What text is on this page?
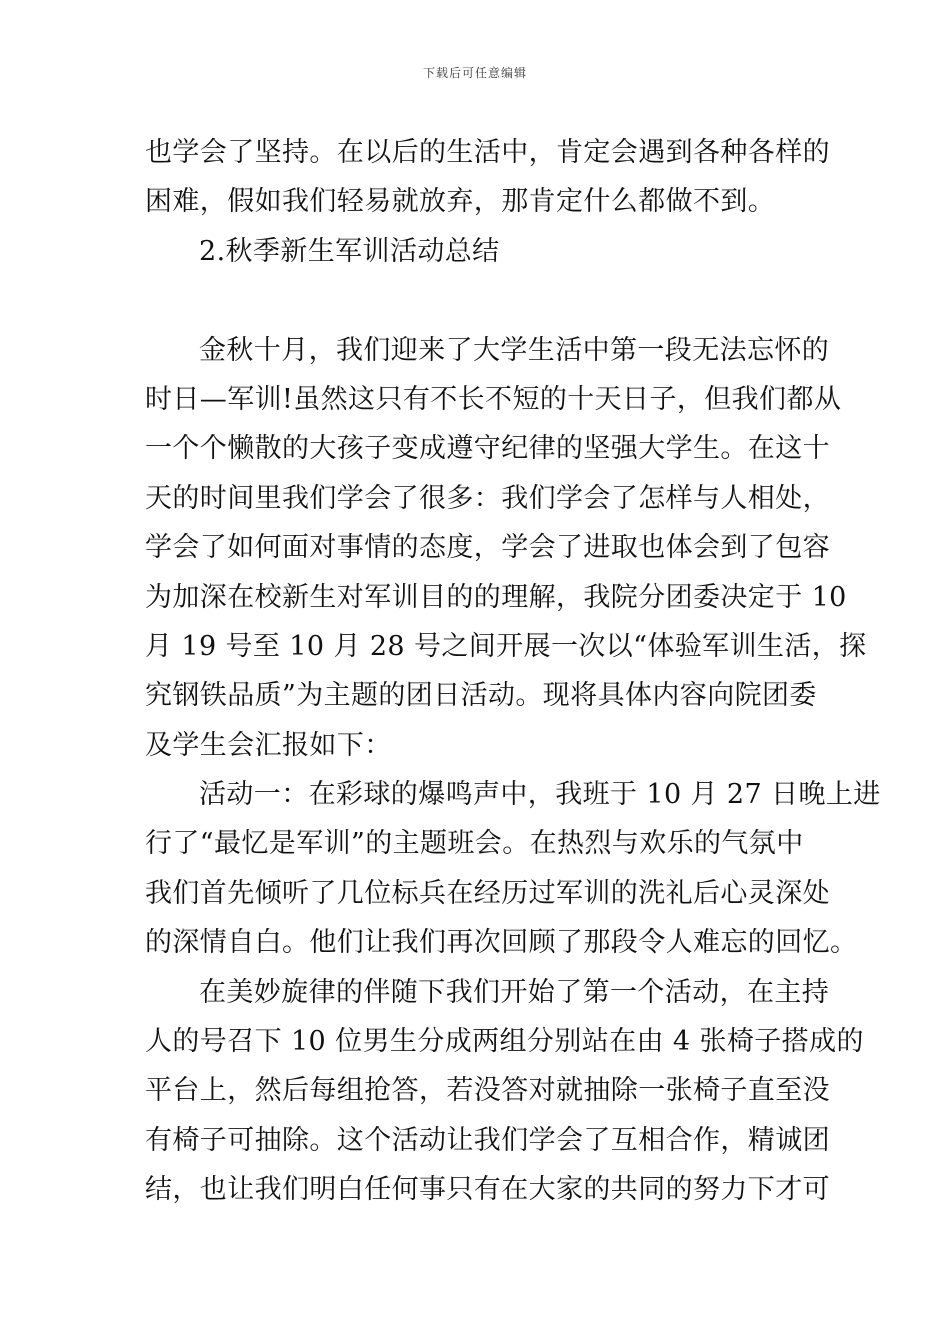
下载后可任意编辑
也学会了坚持。在以后的生活中，肯定会遇到各种各样的
困难，假如我们轻易就放弃，那肯定什么都做不到。
2.秋季新生军训活动总结
金秋十月，我们迎来了大学生活中第一段无法忘怀的
时日—军训!虽然这只有不长不短的十天日子，但我们都从
一个个懒散的大孩子变成遵守纪律的坚强大学生。在这十
天的时间里我们学会了很多：我们学会了怎样与人相处，
学会了如何面对事情的态度，学会了进取也体会到了包容
为加深在校新生对军训目的的理解，我院分团委决定于 10
月 19 号至 10 月 28 号之间开展一次以“体验军训生活，探
究钢铁品质”为主题的团日活动。现将具体内容向院团委
及学生会汇报如下：
活动一：在彩球的爆鸣声中，我班于 10 月 27 日晚上进
行了“最忆是军训”的主题班会。在热烈与欢乐的气氛中
我们首先倾听了几位标兵在经历过军训的洗礼后心灵深处
的深情自白。他们让我们再次回顾了那段令人难忘的回忆。
在美妙旋律的伴随下我们开始了第一个活动，在主持
人的号召下 10 位男生分成两组分别站在由 4 张椅子搭成的
平台上，然后每组抢答，若没答对就抽除一张椅子直至没
有椅子可抽除。这个活动让我们学会了互相合作，精诚团
结，也让我们明白任何事只有在大家的共同的努力下才可
